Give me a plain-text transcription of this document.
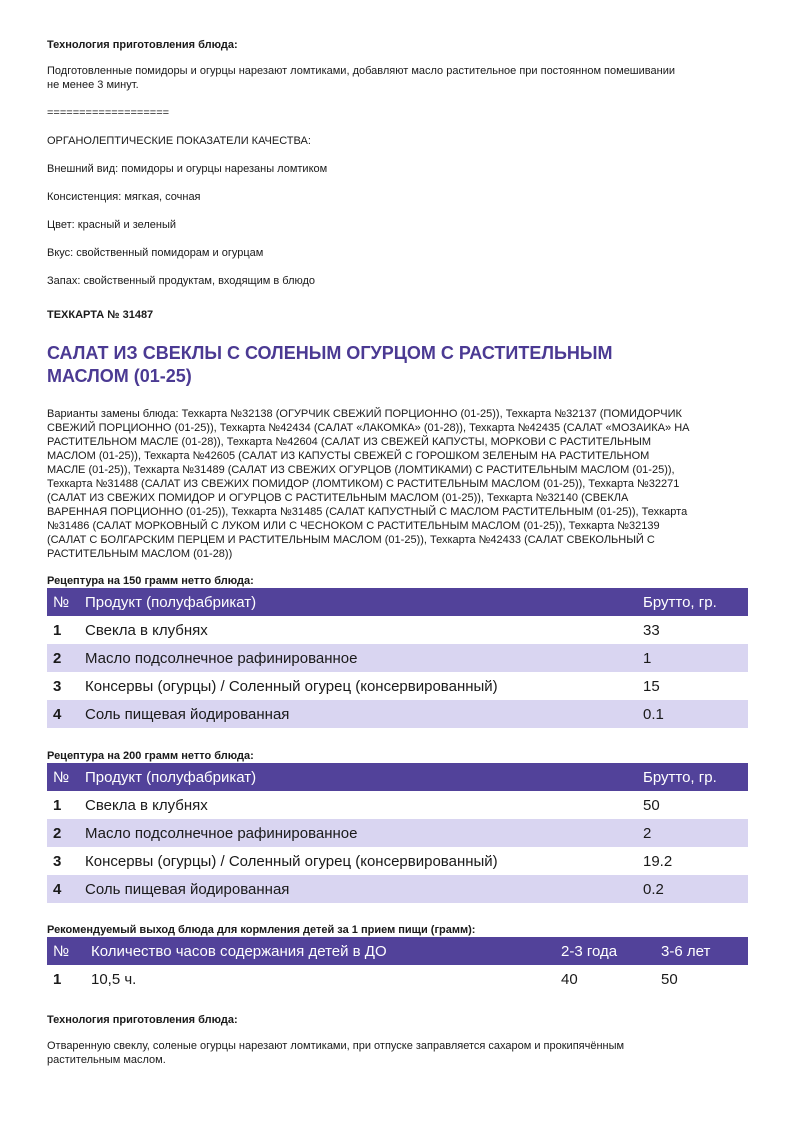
Технология приготовления блюда:

Подготовленные помидоры и огурцы нарезают ломтиками, добавляют масло растительное при постоянном помешивании

не менее 3 минут.

===================

ОРГАНОЛЕПТИЧЕСКИЕ ПОКАЗАТЕЛИ КАЧЕСТВА:

Внешний вид: помидоры и огурцы нарезаны ломтиком

Консистенция: мягкая, сочная

Цвет: красный и зеленый

Вкус: свойственный помидорам и огурцам

Запах: свойственный продуктам, входящим в блюдо

ТЕХКАРТА № 31487

САЛАТ ИЗ СВЕКЛЫ С СОЛЕНЫМ ОГУРЦОМ С РАСТИТЕЛЬНЫМ

МАСЛОМ (01-25)

Варианты замены блюда: Техкарта №32138 (ОГУРЧИК СВЕЖИЙ ПОРЦИОННО (01-25)), Техкарта №32137 (ПОМИДОРЧИК

СВЕЖИЙ ПОРЦИОННО (01-25)), Техкарта №42434 (САЛАТ «ЛАКОМКА» (01-28)), Техкарта №42435 (САЛАТ «МОЗАИКА» НА

РАСТИТЕЛЬНОМ МАСЛЕ (01-28)), Техкарта №42604 (САЛАТ ИЗ СВЕЖЕЙ КАПУСТЫ, МОРКОВИ С РАСТИТЕЛЬНЫМ

МАСЛОМ (01-25)), Техкарта №42605 (САЛАТ ИЗ КАПУСТЫ СВЕЖЕЙ С ГОРОШКОМ ЗЕЛЕНЫМ НА РАСТИТЕЛЬНОМ

МАСЛЕ (01-25)), Техкарта №31489 (САЛАТ ИЗ СВЕЖИХ ОГУРЦОВ (ЛОМТИКАМИ) С РАСТИТЕЛЬНЫМ МАСЛОМ (01-25)),

Техкарта №31488 (САЛАТ ИЗ СВЕЖИХ ПОМИДОР (ЛОМТИКОМ) С РАСТИТЕЛЬНЫМ МАСЛОМ (01-25)), Техкарта №32271

(САЛАТ ИЗ СВЕЖИХ ПОМИДОР И ОГУРЦОВ С РАСТИТЕЛЬНЫМ МАСЛОМ (01-25)), Техкарта №32140 (СВЕКЛА

ВАРЕННАЯ ПОРЦИОННО (01-25)), Техкарта №31485 (САЛАТ КАПУСТНЫЙ С МАСЛОМ РАСТИТЕЛЬНЫМ (01-25)), Техкарта

№31486 (САЛАТ МОРКОВНЫЙ С ЛУКОМ ИЛИ С ЧЕСНОКОМ С РАСТИТЕЛЬНЫМ МАСЛОМ (01-25)), Техкарта №32139

(САЛАТ С БОЛГАРСКИМ ПЕРЦЕМ И РАСТИТЕЛЬНЫМ МАСЛОМ (01-25)), Техкарта №42433 (САЛАТ СВЕКОЛЬНЫЙ С

РАСТИТЕЛЬНЫМ МАСЛОМ (01-28))

Рецептура на 150 грамм нетто блюда:

№	Продукт (полуфабрикат)	Брутто, гр.
1	Свекла в клубнях	33
2	Масло подсолнечное рафинированное	1
3	Консервы (огурцы) / Соленный огурец (консервированный)	15
4	Соль пищевая йодированная	0.1

Рецептура на 200 грамм нетто блюда:

№	Продукт (полуфабрикат)	Брутто, гр.
1	Свекла в клубнях	50
2	Масло подсолнечное рафинированное	2
3	Консервы (огурцы) / Соленный огурец (консервированный)	19.2
4	Соль пищевая йодированная	0.2

Рекомендуемый выход блюда для кормления детей за 1 прием пищи (грамм):

№	Количество часов содержания детей в ДО	2-3 года	3-6 лет
1	10,5 ч.	40	50

Технология приготовления блюда:

Отваренную свеклу, соленые огурцы нарезают ломтиками, при отпуске заправляется сахаром и прокипячённым

растительным маслом.
